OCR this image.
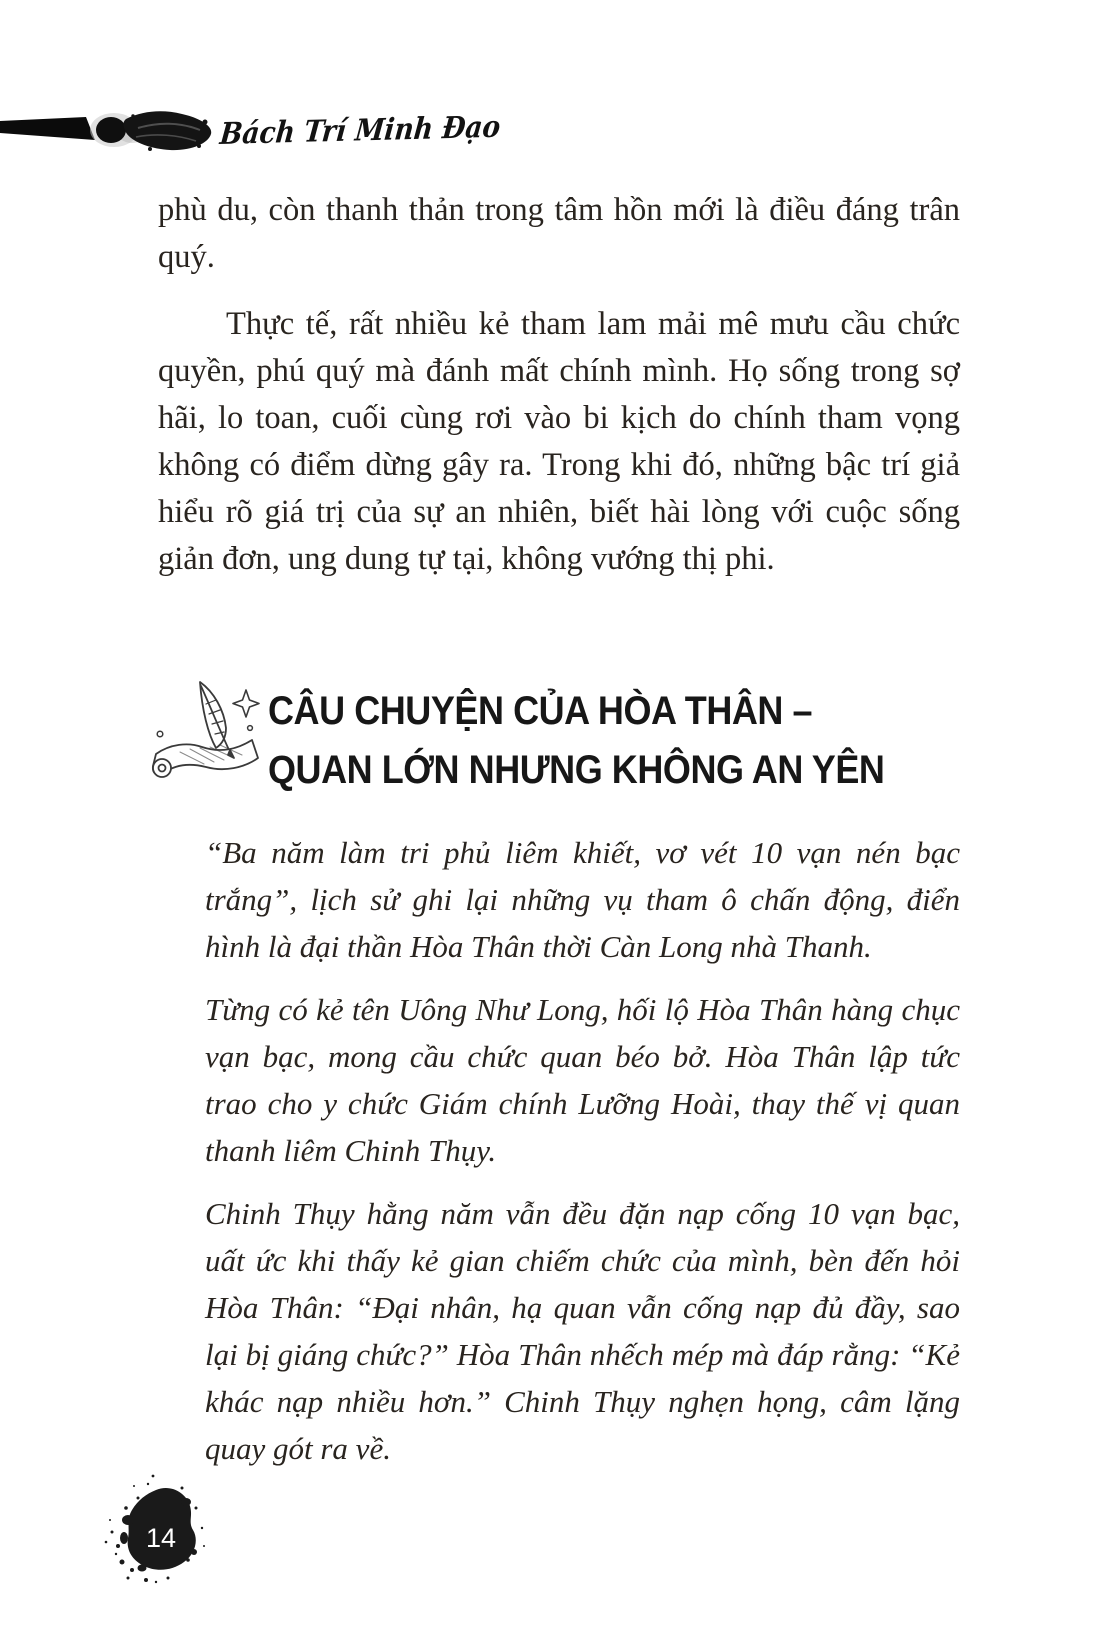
Bách Trí Minh Đạo

phù du, còn thanh thản trong tâm hồn mới là điều đáng trân quý.

Thực tế, rất nhiều kẻ tham lam mải mê mưu cầu chức quyền, phú quý mà đánh mất chính mình. Họ sống trong sợ hãi, lo toan, cuối cùng rơi vào bi kịch do chính tham vọng không có điểm dừng gây ra. Trong khi đó, những bậc trí giả hiểu rõ giá trị của sự an nhiên, biết hài lòng với cuộc sống giản đơn, ung dung tự tại, không vướng thị phi.

CÂU CHUYỆN CỦA HÒA THÂN –
QUAN LỚN NHƯNG KHÔNG AN YÊN

“Ba năm làm tri phủ liêm khiết, vơ vét 10 vạn nén bạc trắng”, lịch sử ghi lại những vụ tham ô chấn động, điển hình là đại thần Hòa Thân thời Càn Long nhà Thanh.

Từng có kẻ tên Uông Như Long, hối lộ Hòa Thân hàng chục vạn bạc, mong cầu chức quan béo bở. Hòa Thân lập tức trao cho y chức Giám chính Lưỡng Hoài, thay thế vị quan thanh liêm Chinh Thụy.

Chinh Thụy hằng năm vẫn đều đặn nạp cống 10 vạn bạc, uất ức khi thấy kẻ gian chiếm chức của mình, bèn đến hỏi Hòa Thân: “Đại nhân, hạ quan vẫn cống nạp đủ đầy, sao lại bị giáng chức?” Hòa Thân nhếch mép mà đáp rằng: “Kẻ khác nạp nhiều hơn.” Chinh Thụy nghẹn họng, câm lặng quay gót ra về.

14
